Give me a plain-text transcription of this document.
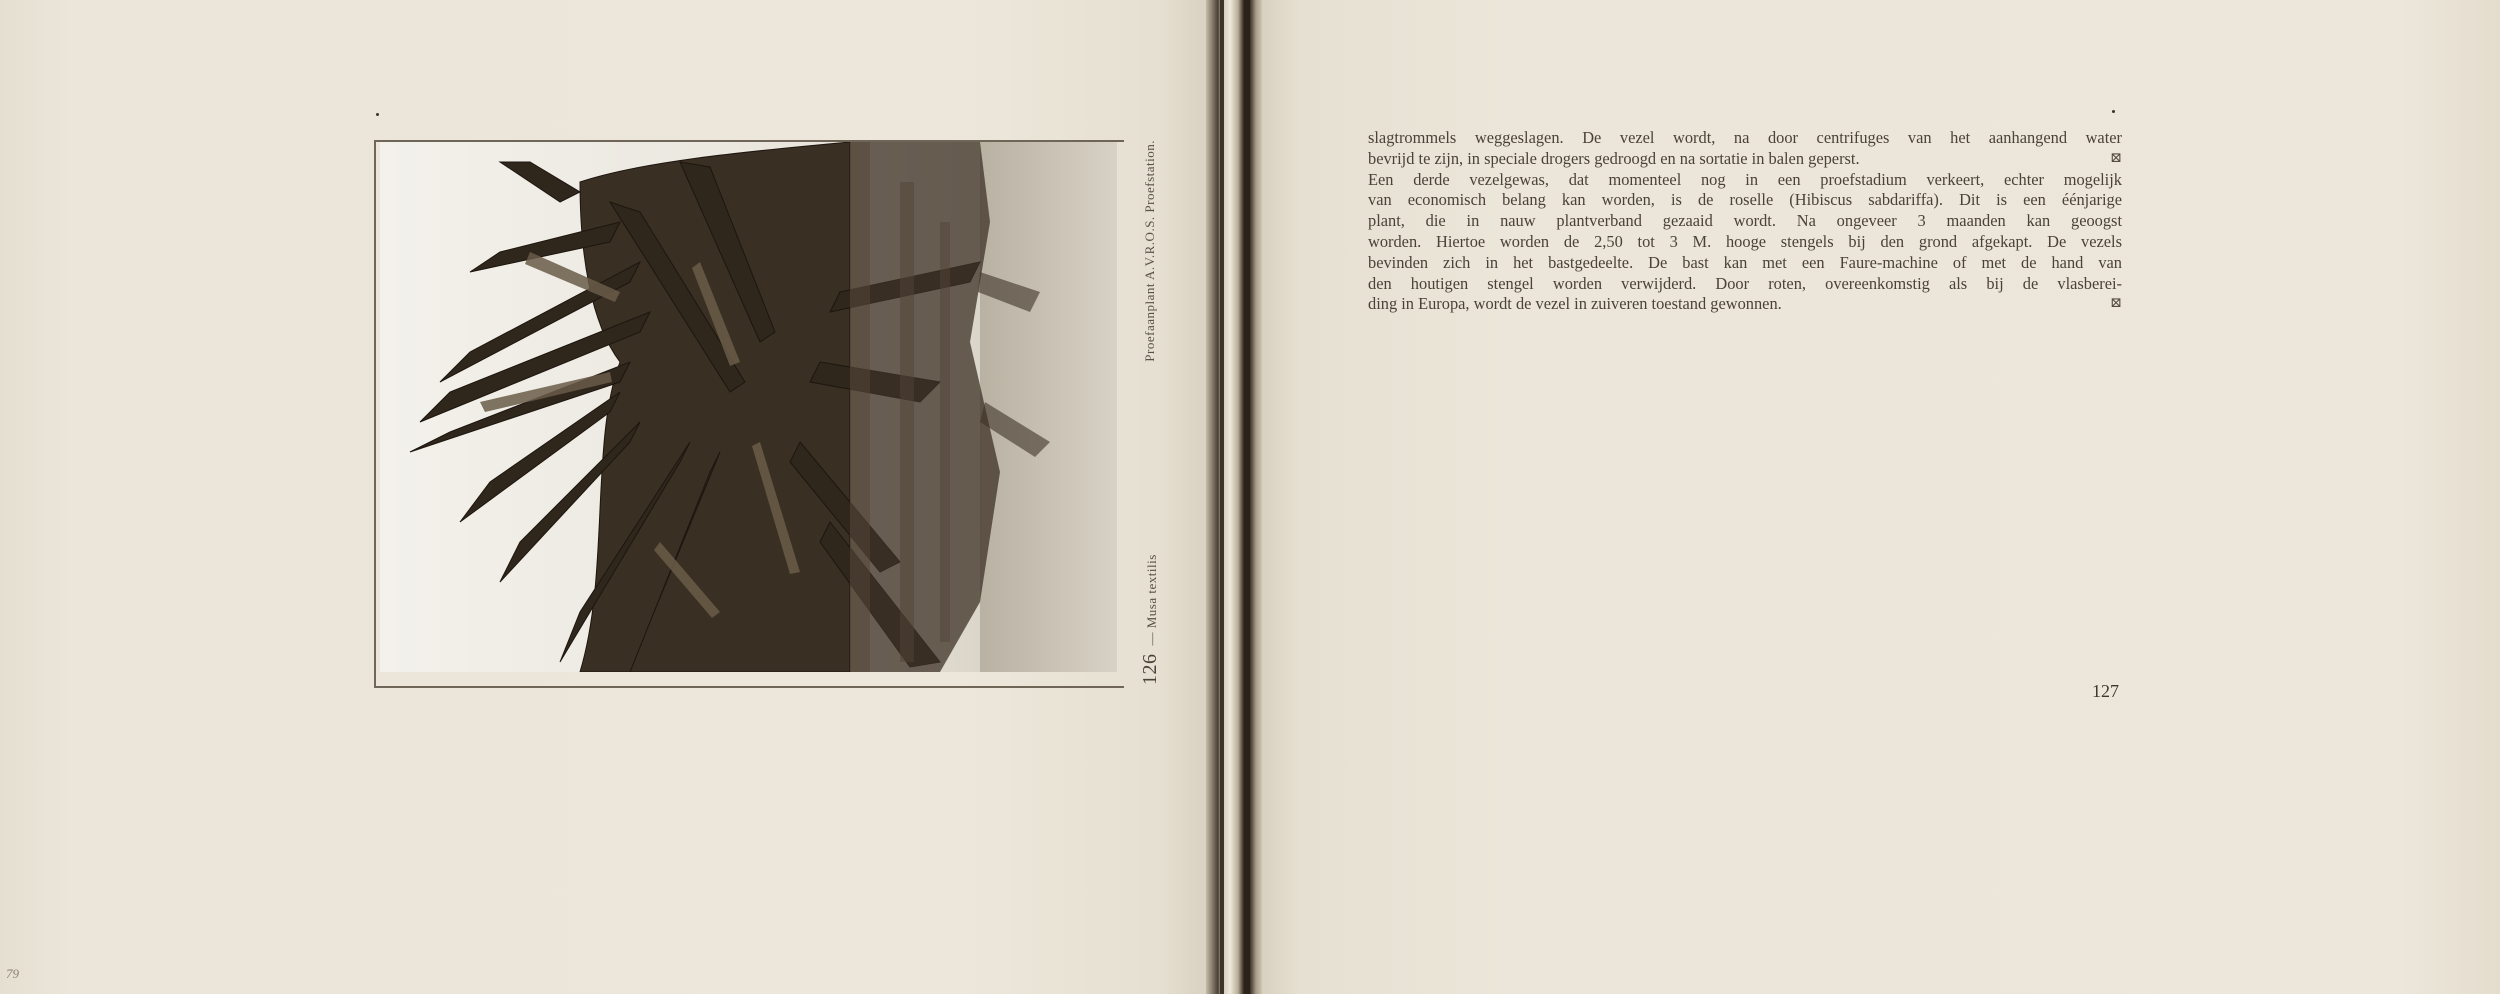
126
— Musa textilis
Proefaanplant A.V.R.O.S. Proefstation.
79

slagtrommels weggeslagen. De vezel wordt, na door centrifuges van het aanhangend water

bevrijd te zijn, in speciale drogers gedroogd en na sortatie in balen geperst.	⊠

Een derde vezelgewas, dat momenteel nog in een proefstadium verkeert, echter mogelijk

van economisch belang kan worden, is de roselle (Hibiscus sabdariffa). Dit is een éénjarige

plant, die in nauw plantverband gezaaid wordt. Na ongeveer 3 maanden kan geoogst

worden. Hiertoe worden de 2,50 tot 3 M. hooge stengels bij den grond afgekapt. De vezels

bevinden zich in het bastgedeelte. De bast kan met een Faure-machine of met de hand van

den houtigen stengel worden verwijderd. Door roten, overeenkomstig als bij de vlasberei-

ding in Europa, wordt de vezel in zuiveren toestand gewonnen.	⊠

127
